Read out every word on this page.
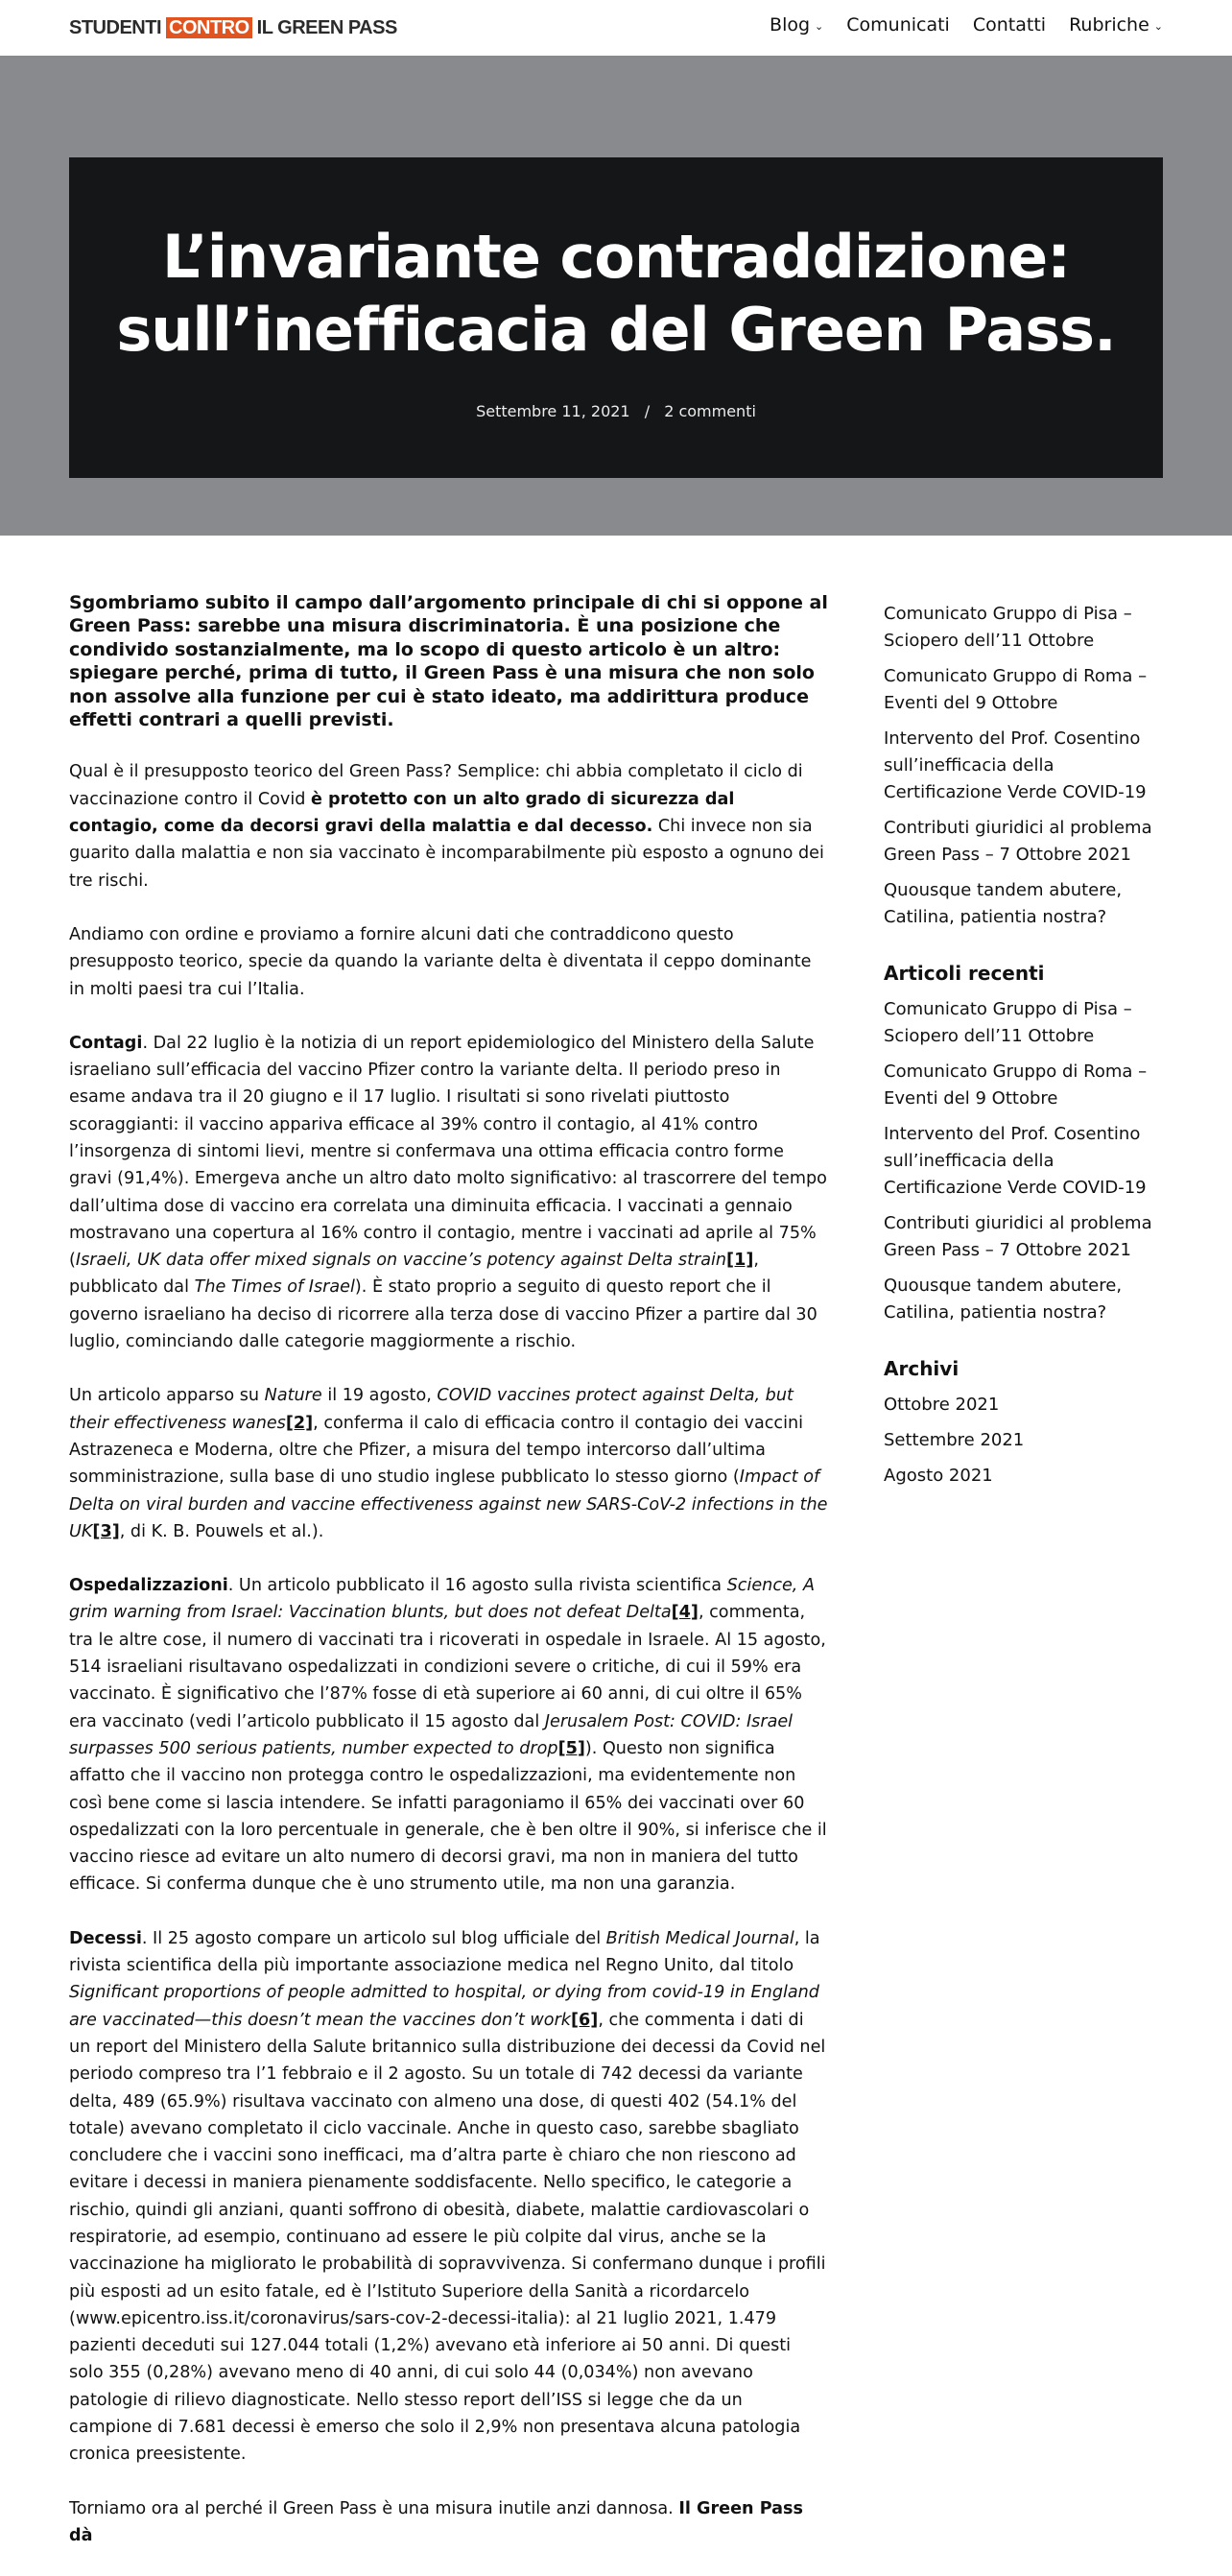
STUDENTI CONTRO IL GREEN PASS	Blog ⌄ Comunicati Contatti Rubriche ⌄
L’invariante contraddizione:
sull’inefficacia del Green Pass.
Settembre 11, 2021 / 2 commenti

Sgombriamo subito il campo dall’argomento principale di chi si oppone al Green Pass: sarebbe una misura discriminatoria. È una posizione che condivido sostanzialmente, ma lo scopo di questo articolo è un altro: spiegare perché, prima di tutto, il Green Pass è una misura che non solo non assolve alla funzione per cui è stato ideato, ma addirittura produce effetti contrari a quelli previsti.

Qual è il presupposto teorico del Green Pass? Semplice: chi abbia completato il ciclo di vaccinazione contro il Covid è protetto con un alto grado di sicurezza dal contagio, come da decorsi gravi della malattia e dal decesso. Chi invece non sia guarito dalla malattia e non sia vaccinato è incomparabilmente più esposto a ognuno dei tre rischi.

Andiamo con ordine e proviamo a fornire alcuni dati che contraddicono questo presupposto teorico, specie da quando la variante delta è diventata il ceppo dominante in molti paesi tra cui l’Italia.

Contagi. Dal 22 luglio è la notizia di un report epidemiologico del Ministero della Salute israeliano sull’efficacia del vaccino Pfizer contro la variante delta. Il periodo preso in esame andava tra il 20 giugno e il 17 luglio. I risultati si sono rivelati piuttosto scoraggianti: il vaccino appariva efficace al 39% contro il contagio, al 41% contro l’insorgenza di sintomi lievi, mentre si confermava una ottima efficacia contro forme gravi (91,4%). Emergeva anche un altro dato molto significativo: al trascorrere del tempo dall’ultima dose di vaccino era correlata una diminuita efficacia. I vaccinati a gennaio mostravano una copertura al 16% contro il contagio, mentre i vaccinati ad aprile al 75% (Israeli, UK data offer mixed signals on vaccine’s potency against Delta strain[1], pubblicato dal The Times of Israel). È stato proprio a seguito di questo report che il governo israeliano ha deciso di ricorrere alla terza dose di vaccino Pfizer a partire dal 30 luglio, cominciando dalle categorie maggiormente a rischio.

Un articolo apparso su Nature il 19 agosto, COVID vaccines protect against Delta, but their effectiveness wanes[2], conferma il calo di efficacia contro il contagio dei vaccini Astrazeneca e Moderna, oltre che Pfizer, a misura del tempo intercorso dall’ultima somministrazione, sulla base di uno studio inglese pubblicato lo stesso giorno (Impact of Delta on viral burden and vaccine effectiveness against new SARS-CoV-2 infections in the UK[3], di K. B. Pouwels et al.).

Ospedalizzazioni. Un articolo pubblicato il 16 agosto sulla rivista scientifica Science, A grim warning from Israel: Vaccination blunts, but does not defeat Delta[4], commenta, tra le altre cose, il numero di vaccinati tra i ricoverati in ospedale in Israele. Al 15 agosto, 514 israeliani risultavano ospedalizzati in condizioni severe o critiche, di cui il 59% era vaccinato. È significativo che l’87% fosse di età superiore ai 60 anni, di cui oltre il 65% era vaccinato (vedi l’articolo pubblicato il 15 agosto dal Jerusalem Post: COVID: Israel surpasses 500 serious patients, number expected to drop[5]). Questo non significa affatto che il vaccino non protegga contro le ospedalizzazioni, ma evidentemente non così bene come si lascia intendere. Se infatti paragoniamo il 65% dei vaccinati over 60 ospedalizzati con la loro percentuale in generale, che è ben oltre il 90%, si inferisce che il vaccino riesce ad evitare un alto numero di decorsi gravi, ma non in maniera del tutto efficace. Si conferma dunque che è uno strumento utile, ma non una garanzia.

Decessi. Il 25 agosto compare un articolo sul blog ufficiale del British Medical Journal, la rivista scientifica della più importante associazione medica nel Regno Unito, dal titolo Significant proportions of people admitted to hospital, or dying from covid-19 in England are vaccinated—this doesn’t mean the vaccines don’t work[6], che commenta i dati di un report del Ministero della Salute britannico sulla distribuzione dei decessi da Covid nel periodo compreso tra l’1 febbraio e il 2 agosto. Su un totale di 742 decessi da variante delta, 489 (65.9%) risultava vaccinato con almeno una dose, di questi 402 (54.1% del totale) avevano completato il ciclo vaccinale. Anche in questo caso, sarebbe sbagliato concludere che i vaccini sono inefficaci, ma d’altra parte è chiaro che non riescono ad evitare i decessi in maniera pienamente soddisfacente. Nello specifico, le categorie a rischio, quindi gli anziani, quanti soffrono di obesità, diabete, malattie cardiovascolari o respiratorie, ad esempio, continuano ad essere le più colpite dal virus, anche se la vaccinazione ha migliorato le probabilità di sopravvivenza. Si confermano dunque i profili più esposti ad un esito fatale, ed è l’Istituto Superiore della Sanità a ricordarcelo (www.epicentro.iss.it/coronavirus/sars-cov-2-decessi-italia): al 21 luglio 2021, 1.479 pazienti deceduti sui 127.044 totali (1,2%) avevano età inferiore ai 50 anni. Di questi solo 355 (0,28%) avevano meno di 40 anni, di cui solo 44 (0,034%) non avevano patologie di rilievo diagnosticate. Nello stesso report dell’ISS si legge che da un campione di 7.681 decessi è emerso che solo il 2,9% non presentava alcuna patologia cronica preesistente.

Torniamo ora al perché il Green Pass è una misura inutile anzi dannosa. Il Green Pass dà

Comunicato Gruppo di Pisa – Sciopero dell’11 Ottobre
Comunicato Gruppo di Roma – Eventi del 9 Ottobre
Intervento del Prof. Cosentino sull’inefficacia della Certificazione Verde COVID-19
Contributi giuridici al problema Green Pass – 7 Ottobre 2021
Quousque tandem abutere, Catilina, patientia nostra?
Articoli recenti
Comunicato Gruppo di Pisa – Sciopero dell’11 Ottobre
Comunicato Gruppo di Roma – Eventi del 9 Ottobre
Intervento del Prof. Cosentino sull’inefficacia della Certificazione Verde COVID-19
Contributi giuridici al problema Green Pass – 7 Ottobre 2021
Quousque tandem abutere, Catilina, patientia nostra?
Archivi
Ottobre 2021
Settembre 2021
Agosto 2021
